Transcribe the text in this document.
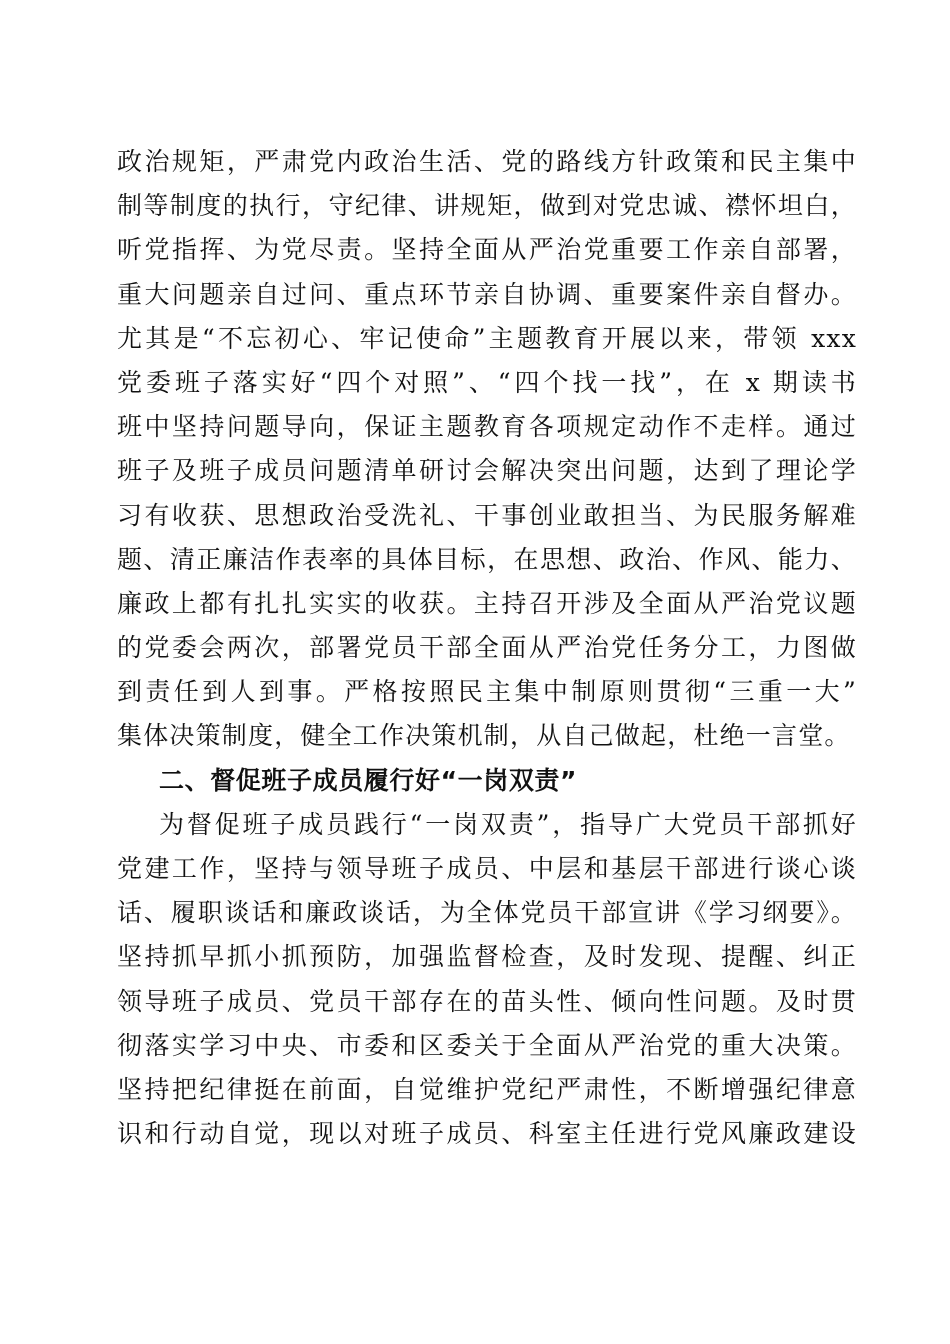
政治规矩，严肃党内政治生活、党的路线方针政策和民主集中
制等制度的执行，守纪律、讲规矩，做到对党忠诚、襟怀坦白，
听党指挥、为党尽责。坚持全面从严治党重要工作亲自部署，
重大问题亲自过问、重点环节亲自协调、重要案件亲自督办。
尤其是“不忘初心、牢记使命”主题教育开展以来，带领 xxx
党委班子落实好“四个对照”、“四个找一找”，在 x 期读书
班中坚持问题导向，保证主题教育各项规定动作不走样。通过
班子及班子成员问题清单研讨会解决突出问题，达到了理论学
习有收获、思想政治受洗礼、干事创业敢担当、为民服务解难
题、清正廉洁作表率的具体目标，在思想、政治、作风、能力、
廉政上都有扎扎实实的收获。主持召开涉及全面从严治党议题
的党委会两次，部署党员干部全面从严治党任务分工，力图做
到责任到人到事。严格按照民主集中制原则贯彻“三重一大”
集体决策制度，健全工作决策机制，从自己做起，杜绝一言堂。
二、督促班子成员履行好“一岗双责”
为督促班子成员践行“一岗双责”，指导广大党员干部抓好
党建工作，坚持与领导班子成员、中层和基层干部进行谈心谈
话、履职谈话和廉政谈话，为全体党员干部宣讲《学习纲要》。
坚持抓早抓小抓预防，加强监督检查，及时发现、提醒、纠正
领导班子成员、党员干部存在的苗头性、倾向性问题。及时贯
彻落实学习中央、市委和区委关于全面从严治党的重大决策。
坚持把纪律挺在前面，自觉维护党纪严肃性，不断增强纪律意
识和行动自觉，现以对班子成员、科室主任进行党风廉政建设
